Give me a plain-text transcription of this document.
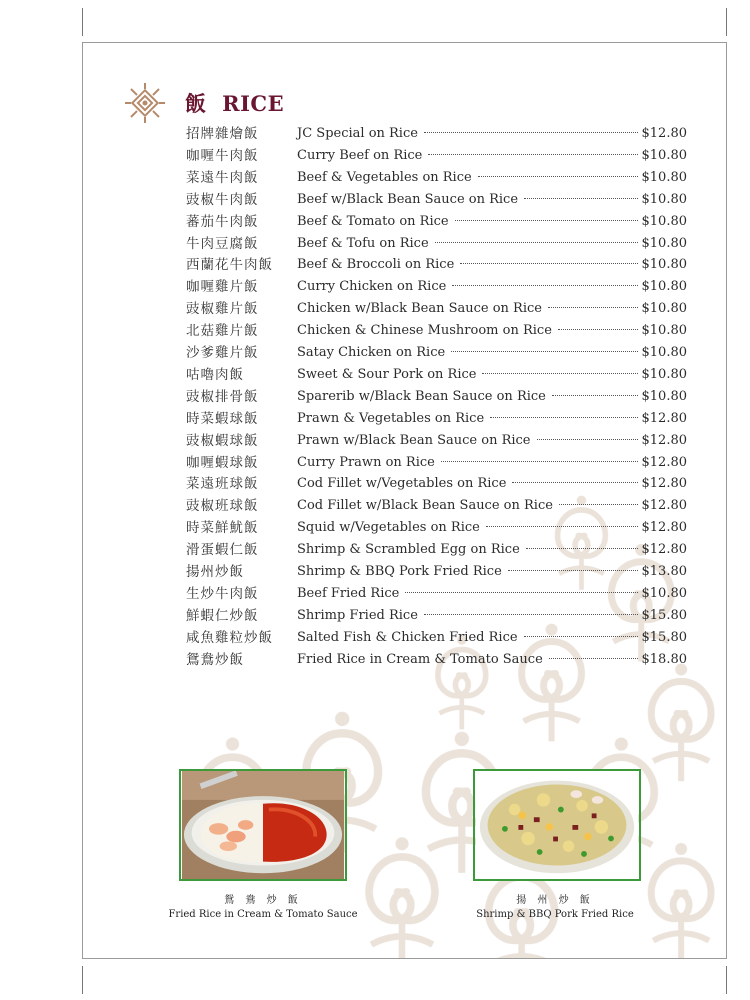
飯 RICE
招牌雜燴飯	JC Special on Rice	$12.80
咖喱牛肉飯	Curry Beef on Rice	$10.80
菜遠牛肉飯	Beef & Vegetables on Rice	$10.80
豉椒牛肉飯	Beef w/Black Bean Sauce on Rice	$10.80
蕃茄牛肉飯	Beef & Tomato on Rice	$10.80
牛肉豆腐飯	Beef & Tofu on Rice	$10.80
西蘭花牛肉飯 Beef & Broccoli on Rice	$10.80
咖喱雞片飯	Curry Chicken on Rice	$10.80
豉椒雞片飯	Chicken w/Black Bean Sauce on Rice	$10.80
北菇雞片飯	Chicken & Chinese Mushroom on Rice	$10.80
沙爹雞片飯	Satay Chicken on Rice	$10.80
咕嚕肉飯	Sweet & Sour Pork on Rice	$10.80
豉椒排骨飯	Sparerib w/Black Bean Sauce on Rice	$10.80
時菜蝦球飯	Prawn & Vegetables on Rice	$12.80
豉椒蝦球飯	Prawn w/Black Bean Sauce on Rice	$12.80
咖喱蝦球飯	Curry Prawn on Rice	$12.80
菜遠班球飯	Cod Fillet w/Vegetables on Rice	$12.80
豉椒班球飯	Cod Fillet w/Black Bean Sauce on Rice	$12.80
時菜鮮魷飯	Squid w/Vegetables on Rice	$12.80
滑蛋蝦仁飯	Shrimp & Scrambled Egg on Rice	$12.80
揚州炒飯	Shrimp & BBQ Pork Fried Rice	$13.80
生炒牛肉飯	Beef Fried Rice	$10.80
鮮蝦仁炒飯	Shrimp Fried Rice	$15.80
咸魚雞粒炒飯 Salted Fish & Chicken Fried Rice	$15.80
鴛鴦炒飯	Fried Rice in Cream & Tomato Sauce	$18.80
鴛 鴦 炒 飯
Fried Rice in Cream & Tomato Sauce
揚 州 炒 飯
Shrimp & BBQ Pork Fried Rice
